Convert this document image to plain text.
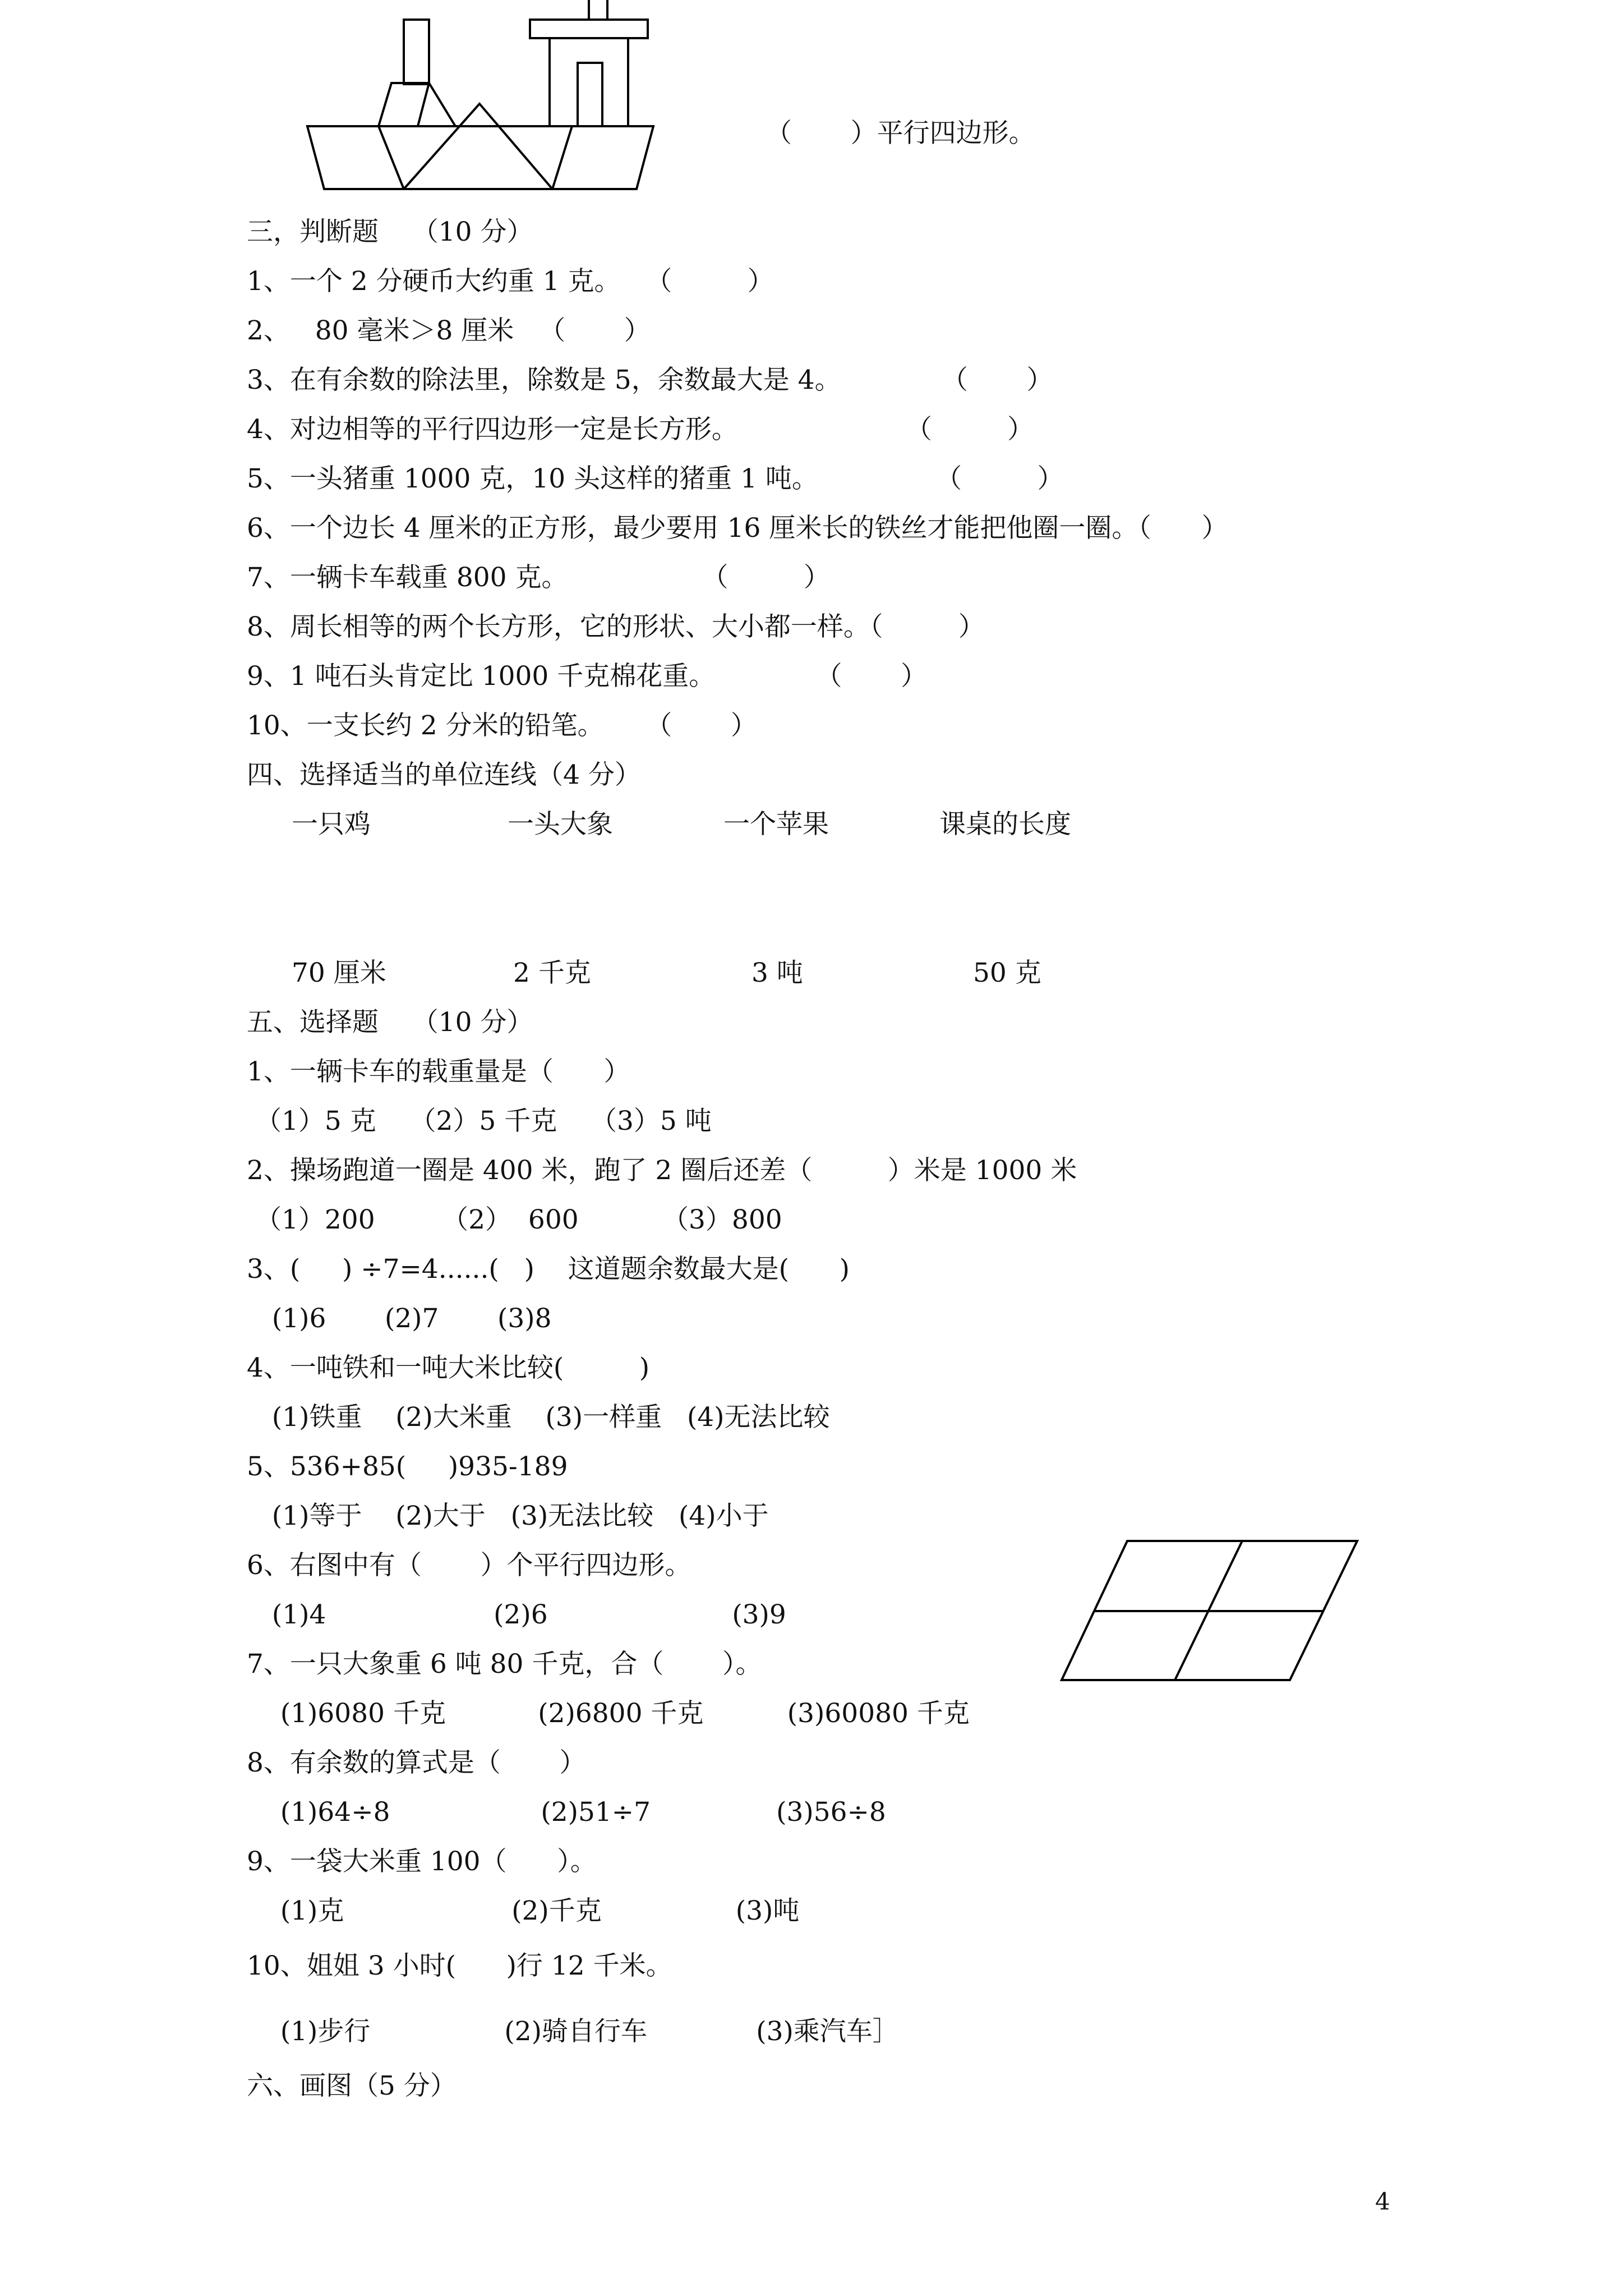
（       ）平行四边形。
三，判断题    （10 分）
1、一个 2 分硬币大约重 1 克。   （         ）
2、   80 毫米＞8 厘米   （       ）
3、在有余数的除法里，除数是 5，余数最大是 4。            （       ）
4、对边相等的平行四边形一定是长方形。                    （         ）
5、一头猪重 1000 克，10 头这样的猪重 1 吨。              （         ）
6、一个边长 4 厘米的正方形，最少要用 16 厘米长的铁丝才能把他圈一圈。（      ）
7、一辆卡车载重 800 克。                （         ）
8、周长相等的两个长方形，它的形状、大小都一样。（         ）
9、1 吨石头肯定比 1000 千克棉花重。            （       ）
10、一支长约 2 分米的铅笔。     （       ）
四、选择适当的单位连线（4 分）
一只鸡	一头大象	一个苹果	课桌的长度
70 厘米	2 千克	3 吨	50 克
五、选择题    （10 分）
1、一辆卡车的载重量是（      ）
（1）5 克    （2）5 千克    （3）5 吨
2、操场跑道一圈是 400 米，跑了 2 圈后还差（         ）米是 1000 米
（1）200        （2）  600          （3）800
3、(     ) ÷7=4......(   )    这道题余数最大是(      )
(1)6       (2)7       (3)8
4、一吨铁和一吨大米比较(         )
(1)铁重    (2)大米重    (3)一样重   (4)无法比较
5、536+85(     )935-189
(1)等于    (2)大于   (3)无法比较   (4)小于
6、右图中有（       ）个平行四边形。
(1)4                    (2)6                      (3)9
7、一只大象重 6 吨 80 千克，合（       ）。
(1)6080 千克           (2)6800 千克          (3)60080 千克
8、有余数的算式是（       ）
(1)64÷8                  (2)51÷7               (3)56÷8
9、一袋大米重 100（      ）。
(1)克                    (2)千克                (3)吨
10、姐姐 3 小时(      )行 12 千米。
(1)步行                (2)骑自行车             (3)乘汽车］
六、画图（5 分）
4
